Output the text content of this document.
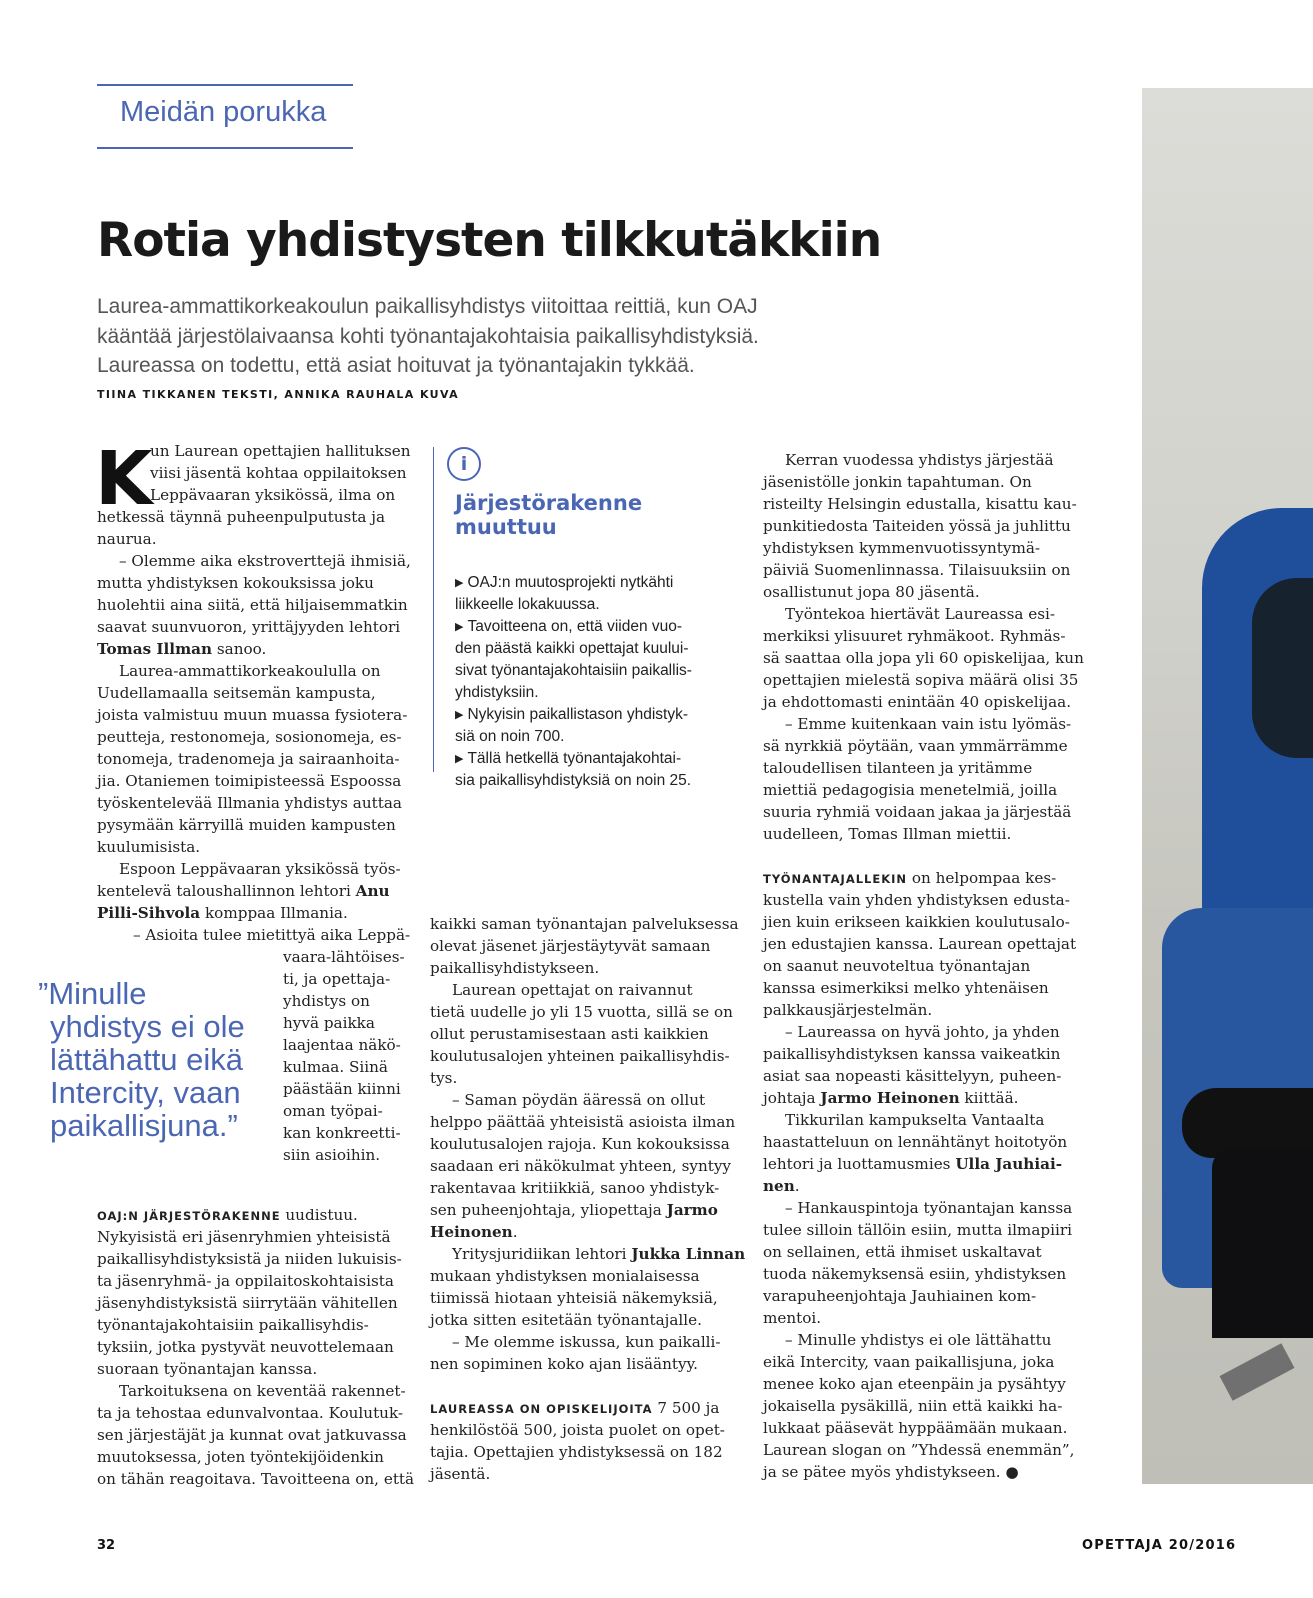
Meidän porukka
Rotia yhdistysten tilkkutäkkiin
Laurea-ammattikorkeakoulun paikallisyhdistys viitoittaa reittiä, kun OAJ
kääntää järjestölaivaansa kohti työnantajakohtaisia paikallisyhdistyksiä.
Laureassa on todettu, että asiat hoituvat ja työnantajakin tykkää.
TIINA TIKKANEN TEKSTI, ANNIKA RAUHALA KUVA
K
un Laurean opettajien hallituksen
viisi jäsentä kohtaa oppilaitoksen
Leppävaaran yksikössä, ilma on
hetkessä täynnä puheenpulputusta ja
naurua.
– Olemme aika ekstroverttejä ihmisiä,
mutta yhdistyksen kokouksissa joku
huolehtii aina siitä, että hiljaisemmatkin
saavat suunvuoron, yrittäjyyden lehtori
Tomas Illman sanoo.
Laurea-ammattikorkeakoululla on
Uudellamaalla seitsemän kampusta,
joista valmistuu muun muassa fysiotera-
peutteja, restonomeja, sosionomeja, es-
tonomeja, tradenomeja ja sairaanhoita-
jia. Otaniemen toimipisteessä Espoossa
työskentelevää Illmania yhdistys auttaa
pysymään kärryillä muiden kampusten
kuulumisista.
Espoon Leppävaaran yksikössä työs-
kentelevä taloushallinnon lehtori Anu
Pilli-Sihvola komppaa Illmania.
– Asioita tulee mietittyä aika Leppä-
vaara-lähtöises-
ti, ja opettaja-
yhdistys on
hyvä paikka
laajentaa näkö-
kulmaa. Siinä
päästään kiinni
oman työpai-
kan konkreetti-
siin asioihin.
”Minulle
yhdistys ei ole
lättähattu eikä
Intercity, vaan
paikallisjuna.”
OAJ:N JÄRJESTÖRAKENNE uudistuu.
Nykyisistä eri jäsenryhmien yhteisistä
paikallisyhdistyksistä ja niiden lukuisis-
ta jäsenryhmä- ja oppilaitoskohtaisista
jäsenyhdistyksistä siirrytään vähitellen
työnantajakohtaisiin paikallisyhdis-
tyksiin, jotka pystyvät neuvottelemaan
suoraan työnantajan kanssa.
Tarkoituksena on keventää rakennet-
ta ja tehostaa edunvalvontaa. Koulutuk-
sen järjestäjät ja kunnat ovat jatkuvassa
muutoksessa, joten työntekijöidenkin
on tähän reagoitava. Tavoitteena on, että
i
Järjestörakenne
muuttuu
▶ OAJ:n muutosprojekti nytkähti
liikkeelle lokakuussa.
▶ Tavoitteena on, että viiden vuo-
den päästä kaikki opettajat kuului-
sivat työnantajakohtaisiin paikallis-
yhdistyksiin.
▶ Nykyisin paikallistason yhdistyk-
siä on noin 700.
▶ Tällä hetkellä työnantajakohtai-
sia paikallisyhdistyksiä on noin 25.
kaikki saman työnantajan palveluksessa
olevat jäsenet järjestäytyvät samaan
paikallisyhdistykseen.
Laurean opettajat on raivannut
tietä uudelle jo yli 15 vuotta, sillä se on
ollut perustamisestaan asti kaikkien
koulutusalojen yhteinen paikallisyhdis-
tys.
– Saman pöydän ääressä on ollut
helppo päättää yhteisistä asioista ilman
koulutusalojen rajoja. Kun kokouksissa
saadaan eri näkökulmat yhteen, syntyy
rakentavaa kritiikkiä, sanoo yhdistyk-
sen puheenjohtaja, yliopettaja Jarmo
Heinonen.
Yritysjuridiikan lehtori Jukka Linnan
mukaan yhdistyksen monialaisessa
tiimissä hiotaan yhteisiä näkemyksiä,
jotka sitten esitetään työnantajalle.
– Me olemme iskussa, kun paikalli-
nen sopiminen koko ajan lisääntyy.
LAUREASSA ON OPISKELIJOITA 7 500 ja
henkilöstöä 500, joista puolet on opet-
tajia. Opettajien yhdistyksessä on 182
jäsentä.
Kerran vuodessa yhdistys järjestää
jäsenistölle jonkin tapahtuman. On
risteilty Helsingin edustalla, kisattu kau-
punkitiedosta Taiteiden yössä ja juhlittu
yhdistyksen kymmenvuotissyntymä-
päiviä Suomenlinnassa. Tilaisuuksiin on
osallistunut jopa 80 jäsentä.
Työntekoa hiertävät Laureassa esi-
merkiksi ylisuuret ryhmäkoot. Ryhmäs-
sä saattaa olla jopa yli 60 opiskelijaa, kun
opettajien mielestä sopiva määrä olisi 35
ja ehdottomasti enintään 40 opiskelijaa.
– Emme kuitenkaan vain istu lyömäs-
sä nyrkkiä pöytään, vaan ymmärrämme
taloudellisen tilanteen ja yritämme
miettiä pedagogisia menetelmiä, joilla
suuria ryhmiä voidaan jakaa ja järjestää
uudelleen, Tomas Illman miettii.
TYÖNANTAJALLEKIN on helpompaa kes-
kustella vain yhden yhdistyksen edusta-
jien kuin erikseen kaikkien koulutusalo-
jen edustajien kanssa. Laurean opettajat
on saanut neuvoteltua työnantajan
kanssa esimerkiksi melko yhtenäisen
palkkausjärjestelmän.
– Laureassa on hyvä johto, ja yhden
paikallisyhdistyksen kanssa vaikeatkin
asiat saa nopeasti käsittelyyn, puheen-
johtaja Jarmo Heinonen kiittää.
Tikkurilan kampukselta Vantaalta
haastatteluun on lennähtänyt hoitotyön
lehtori ja luottamusmies Ulla Jauhiai-
nen.
– Hankauspintoja työnantajan kanssa
tulee silloin tällöin esiin, mutta ilmapiiri
on sellainen, että ihmiset uskaltavat
tuoda näkemyksensä esiin, yhdistyksen
varapuheenjohtaja Jauhiainen kom-
mentoi.
– Minulle yhdistys ei ole lättähattu
eikä Intercity, vaan paikallisjuna, joka
menee koko ajan eteenpäin ja pysähtyy
jokaisella pysäkillä, niin että kaikki ha-
lukkaat pääsevät hyppäämään mukaan.
Laurean slogan on ”Yhdessä enemmän”,
ja se pätee myös yhdistykseen. ●
32	OPETTAJA 20/2016
